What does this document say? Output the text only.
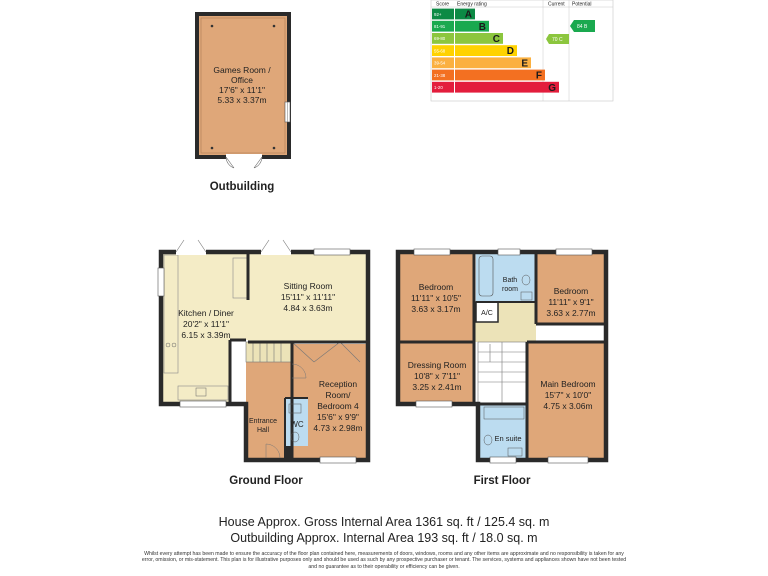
Score Energy rating	Current Potential
92+ A
81-91	B
69-80	C
55-68	D
39-54	E
21-38	F
1-20	G
70 C
84 B
Games Room /
Office
17'6" x 11'1"
5.33 x 3.37m
Outbuilding
Sitting Room
15'11" x 11'11"
4.84 x 3.63m
Kitchen / Diner
20'2" x 11'1"
6.15 x 3.39m
Reception
Room/
Bedroom 4
15'6" x 9'9"
4.73 x 2.98m
Entrance
Hall
WC
Ground Floor
Bedroom
11'11" x 10'5"
3.63 x 3.17m
Bedroom
11'11" x 9'1"
3.63 x 2.77m
Bath
room
A/C
Dressing Room
10'8" x 7'11"
3.25 x 2.41m	Main Bedroom
15'7" x 10'0"
4.75 x 3.06m
En suite
First Floor
House Approx. Gross Internal Area 1361 sq. ft / 125.4 sq. m
Outbuilding Approx. Internal Area 193 sq. ft / 18.0 sq. m
Whilst every attempt has been made to ensure the accuracy of the floor plan contained here, measurements of doors, windows, rooms and any other items are approximate and no responsibility is taken for any error, omission, or mis-statement. This plan is for illustrative purposes only and should be used as such by any prospective purchaser or tenant. The services, systems and appliances shown have not been tested and no guarantee as to their operability or efficiency can be given.
